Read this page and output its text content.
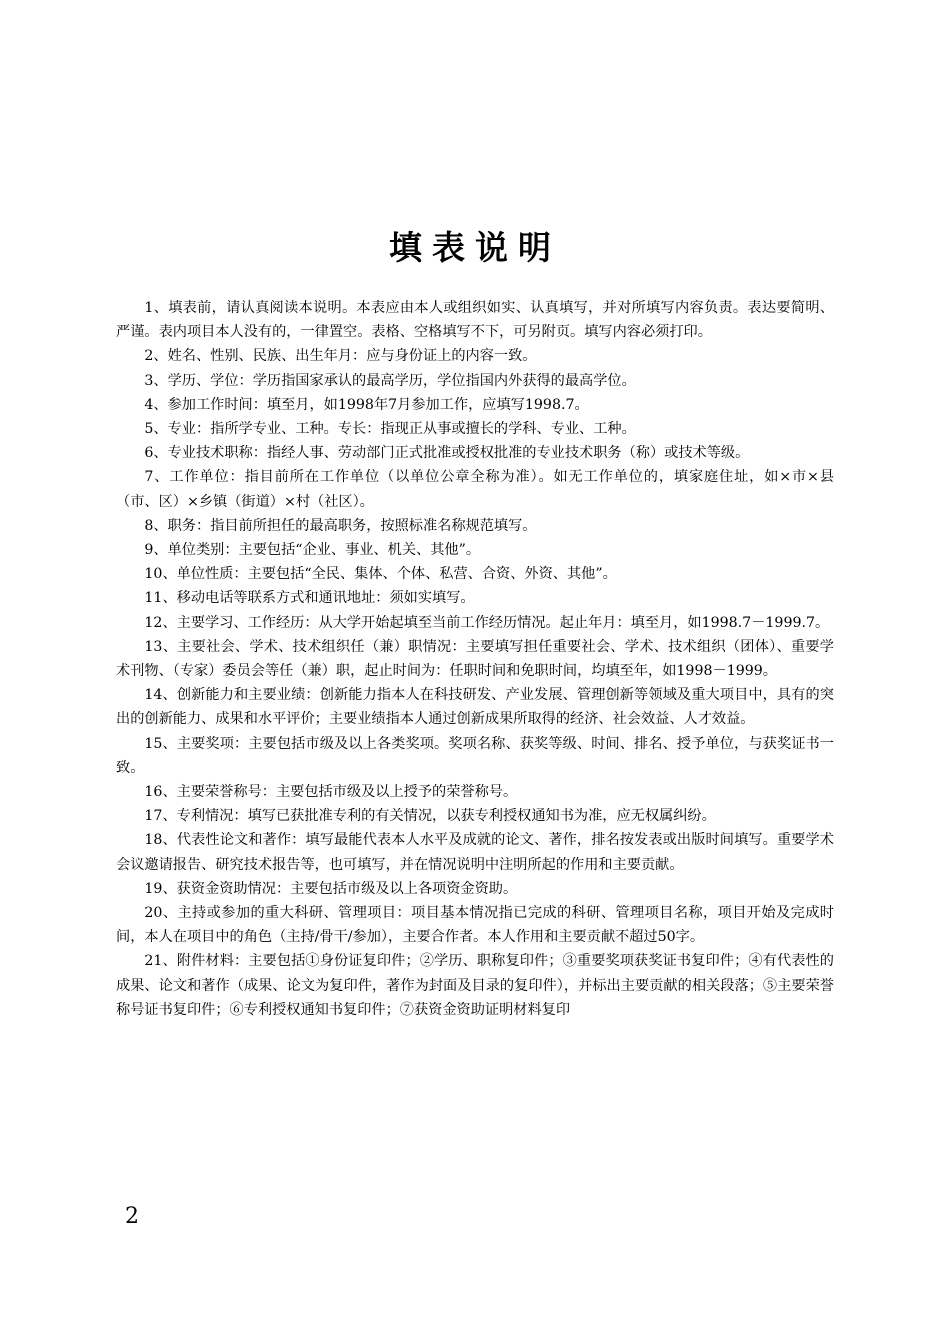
填表说明
1、填表前，请认真阅读本说明。本表应由本人或组织如实、认真填写，并对所填写内容负责。表达要简明、严谨。表内项目本人没有的，一律置空。表格、空格填写不下，可另附页。填写内容必须打印。
2、姓名、性别、民族、出生年月：应与身份证上的内容一致。
3、学历、学位：学历指国家承认的最高学历，学位指国内外获得的最高学位。
4、参加工作时间：填至月，如1998年7月参加工作，应填写1998.7。
5、专业：指所学专业、工种。专长：指现正从事或擅长的学科、专业、工种。
6、专业技术职称：指经人事、劳动部门正式批准或授权批准的专业技术职务（称）或技术等级。
7、工作单位：指目前所在工作单位（以单位公章全称为准）。如无工作单位的，填家庭住址，如×市×县（市、区）×乡镇（街道）×村（社区）。
8、职务：指目前所担任的最高职务，按照标准名称规范填写。
9、单位类别：主要包括“企业、事业、机关、其他”。
10、单位性质：主要包括“全民、集体、个体、私营、合资、外资、其他”。
11、移动电话等联系方式和通讯地址：须如实填写。
12、主要学习、工作经历：从大学开始起填至当前工作经历情况。起止年月：填至月，如1998.7－1999.7。
13、主要社会、学术、技术组织任（兼）职情况：主要填写担任重要社会、学术、技术组织（团体）、重要学术刊物、（专家）委员会等任（兼）职，起止时间为：任职时间和免职时间，均填至年，如1998－1999。
14、创新能力和主要业绩：创新能力指本人在科技研发、产业发展、管理创新等领域及重大项目中，具有的突出的创新能力、成果和水平评价；主要业绩指本人通过创新成果所取得的经济、社会效益、人才效益。
15、主要奖项：主要包括市级及以上各类奖项。奖项名称、获奖等级、时间、排名、授予单位，与获奖证书一致。
16、主要荣誉称号：主要包括市级及以上授予的荣誉称号。
17、专利情况：填写已获批准专利的有关情况，以获专利授权通知书为准，应无权属纠纷。
18、代表性论文和著作：填写最能代表本人水平及成就的论文、著作，排名按发表或出版时间填写。重要学术会议邀请报告、研究技术报告等，也可填写，并在情况说明中注明所起的作用和主要贡献。
19、获资金资助情况：主要包括市级及以上各项资金资助。
20、主持或参加的重大科研、管理项目：项目基本情况指已完成的科研、管理项目名称，项目开始及完成时间，本人在项目中的角色（主持/骨干/参加），主要合作者。本人作用和主要贡献不超过50字。
21、附件材料：主要包括①身份证复印件；②学历、职称复印件；③重要奖项获奖证书复印件；④有代表性的成果、论文和著作（成果、论文为复印件，著作为封面及目录的复印件），并标出主要贡献的相关段落；⑤主要荣誉称号证书复印件；⑥专利授权通知书复印件；⑦获资金资助证明材料复印
2
